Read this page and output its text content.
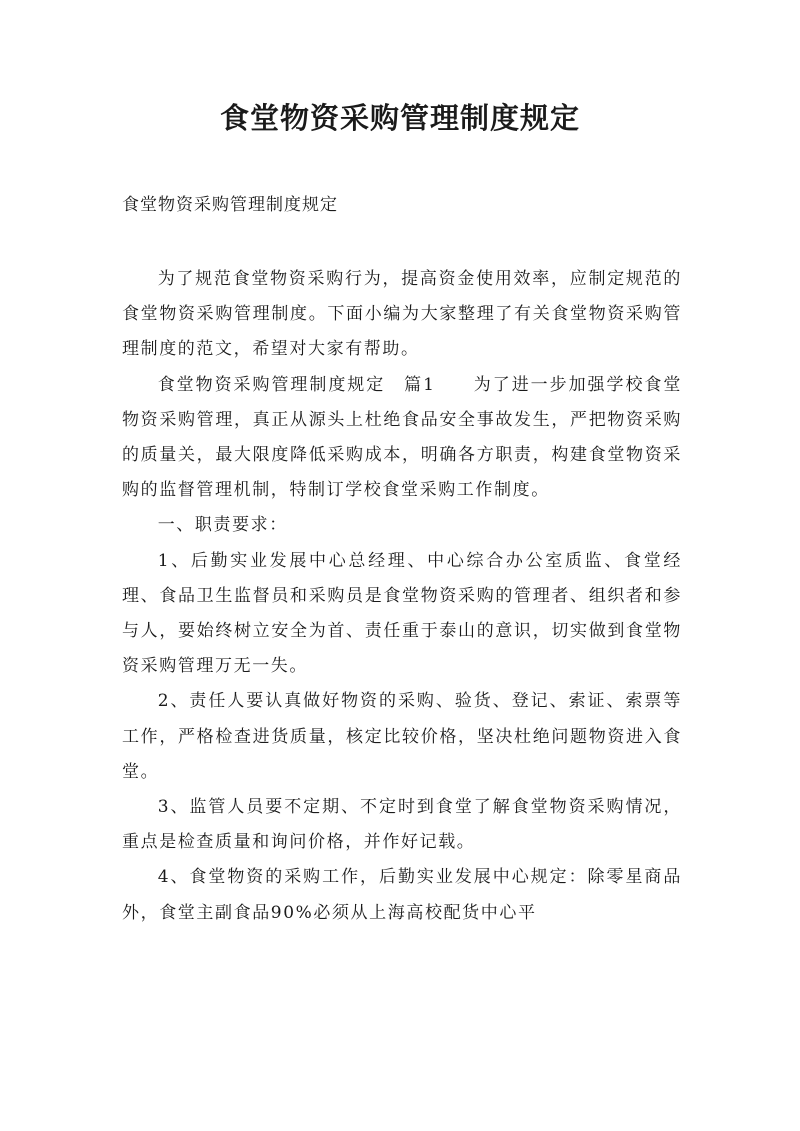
食堂物资采购管理制度规定

食堂物资采购管理制度规定

为了规范食堂物资采购行为，提高资金使用效率，应制定规范的食堂物资采购管理制度。下面小编为大家整理了有关食堂物资采购管理制度的范文，希望对大家有帮助。

食堂物资采购管理制度规定　篇1　　为了进一步加强学校食堂物资采购管理，真正从源头上杜绝食品安全事故发生，严把物资采购的质量关，最大限度降低采购成本，明确各方职责，构建食堂物资采购的监督管理机制，特制订学校食堂采购工作制度。

一、职责要求：

1、后勤实业发展中心总经理、中心综合办公室质监、食堂经理、食品卫生监督员和采购员是食堂物资采购的管理者、组织者和参与人，要始终树立安全为首、责任重于泰山的意识，切实做到食堂物资采购管理万无一失。

2、责任人要认真做好物资的采购、验货、登记、索证、索票等工作，严格检查进货质量，核定比较价格，坚决杜绝问题物资进入食堂。

3、监管人员要不定期、不定时到食堂了解食堂物资采购情况，重点是检查质量和询问价格，并作好记载。

4、食堂物资的采购工作，后勤实业发展中心规定：除零星商品外，食堂主副食品90%必须从上海高校配货中心平
